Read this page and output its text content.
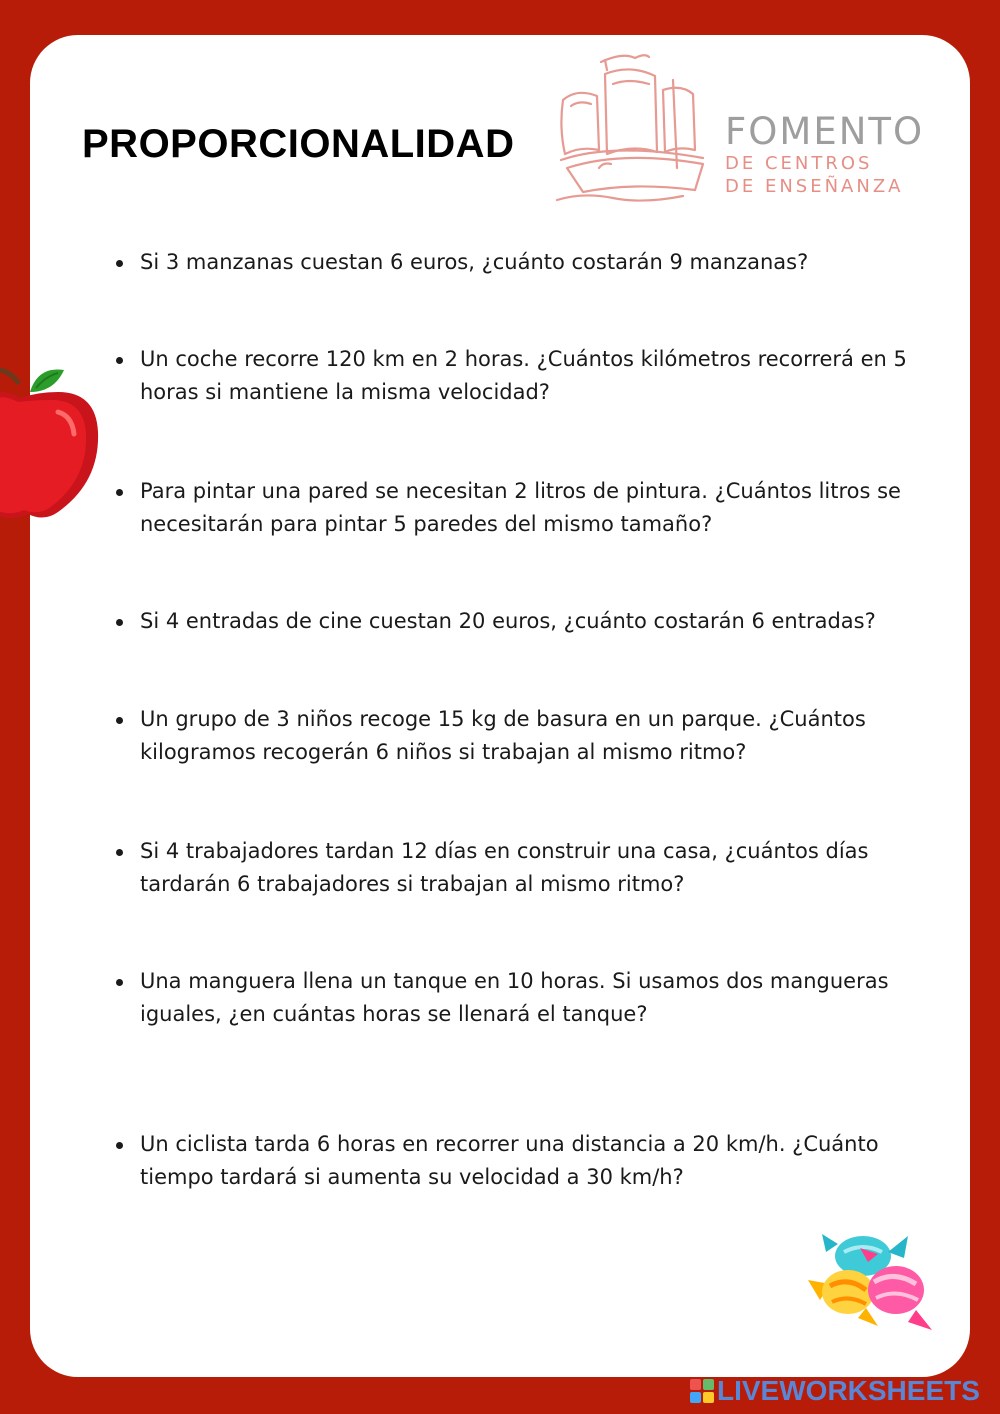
PROPORCIONALIDAD	FOMENTO
DE CENTROS
DE ENSEÑANZA
Si 3 manzanas cuestan 6 euros, ¿cuánto costarán 9 manzanas?
Un coche recorre 120 km en 2 horas. ¿Cuántos kilómetros recorrerá en 5 horas si mantiene la misma velocidad?
Para pintar una pared se necesitan 2 litros de pintura. ¿Cuántos litros se necesitarán para pintar 5 paredes del mismo tamaño?
Si 4 entradas de cine cuestan 20 euros, ¿cuánto costarán 6 entradas?
Un grupo de 3 niños recoge 15 kg de basura en un parque. ¿Cuántos kilogramos recogerán 6 niños si trabajan al mismo ritmo?
Si 4 trabajadores tardan 12 días en construir una casa, ¿cuántos días tardarán 6 trabajadores si trabajan al mismo ritmo?
Una manguera llena un tanque en 10 horas. Si usamos dos mangueras iguales, ¿en cuántas horas se llenará el tanque?
Un ciclista tarda 6 horas en recorrer una distancia a 20 km/h. ¿Cuánto tiempo tardará si aumenta su velocidad a 30 km/h?
LIVEWORKSHEETS
